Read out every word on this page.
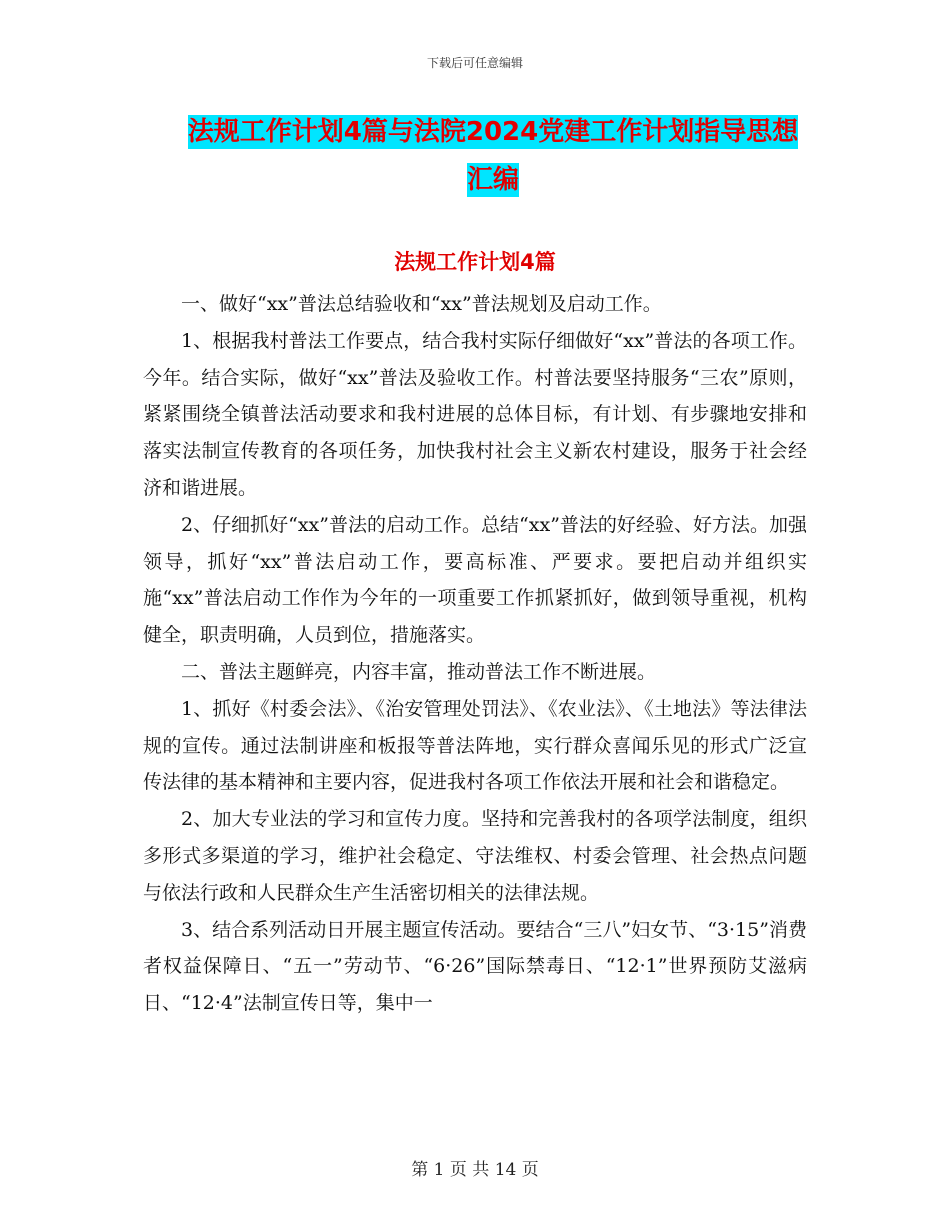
下载后可任意编辑
法规工作计划4篇与法院2024党建工作计划指导思想
汇编
法规工作计划4篇

一、做好“xx”普法总结验收和“xx”普法规划及启动工作。

1、根据我村普法工作要点，结合我村实际仔细做好“xx”普法的各项工作。今年。结合实际，做好“xx”普法及验收工作。村普法要坚持服务“三农”原则，紧紧围绕全镇普法活动要求和我村进展的总体目标，有计划、有步骤地安排和落实法制宣传教育的各项任务，加快我村社会主义新农村建设，服务于社会经济和谐进展。

2、仔细抓好“xx”普法的启动工作。总结“xx”普法的好经验、好方法。加强领导，抓好“xx”普法启动工作，要高标准、严要求。要把启动并组织实施“xx”普法启动工作作为今年的一项重要工作抓紧抓好，做到领导重视，机构健全，职责明确，人员到位，措施落实。

二、普法主题鲜亮，内容丰富，推动普法工作不断进展。

1、抓好《村委会法》、《治安管理处罚法》、《农业法》、《土地法》等法律法规的宣传。通过法制讲座和板报等普法阵地，实行群众喜闻乐见的形式广泛宣传法律的基本精神和主要内容，促进我村各项工作依法开展和社会和谐稳定。

2、加大专业法的学习和宣传力度。坚持和完善我村的各项学法制度，组织多形式多渠道的学习，维护社会稳定、守法维权、村委会管理、社会热点问题与依法行政和人民群众生产生活密切相关的法律法规。

3、结合系列活动日开展主题宣传活动。要结合“三八”妇女节、“3·15”消费者权益保障日、“五一”劳动节、“6·26”国际禁毒日、“12·1”世界预防艾滋病日、“12·4”法制宣传日等，集中一

第 1 页 共 14 页
